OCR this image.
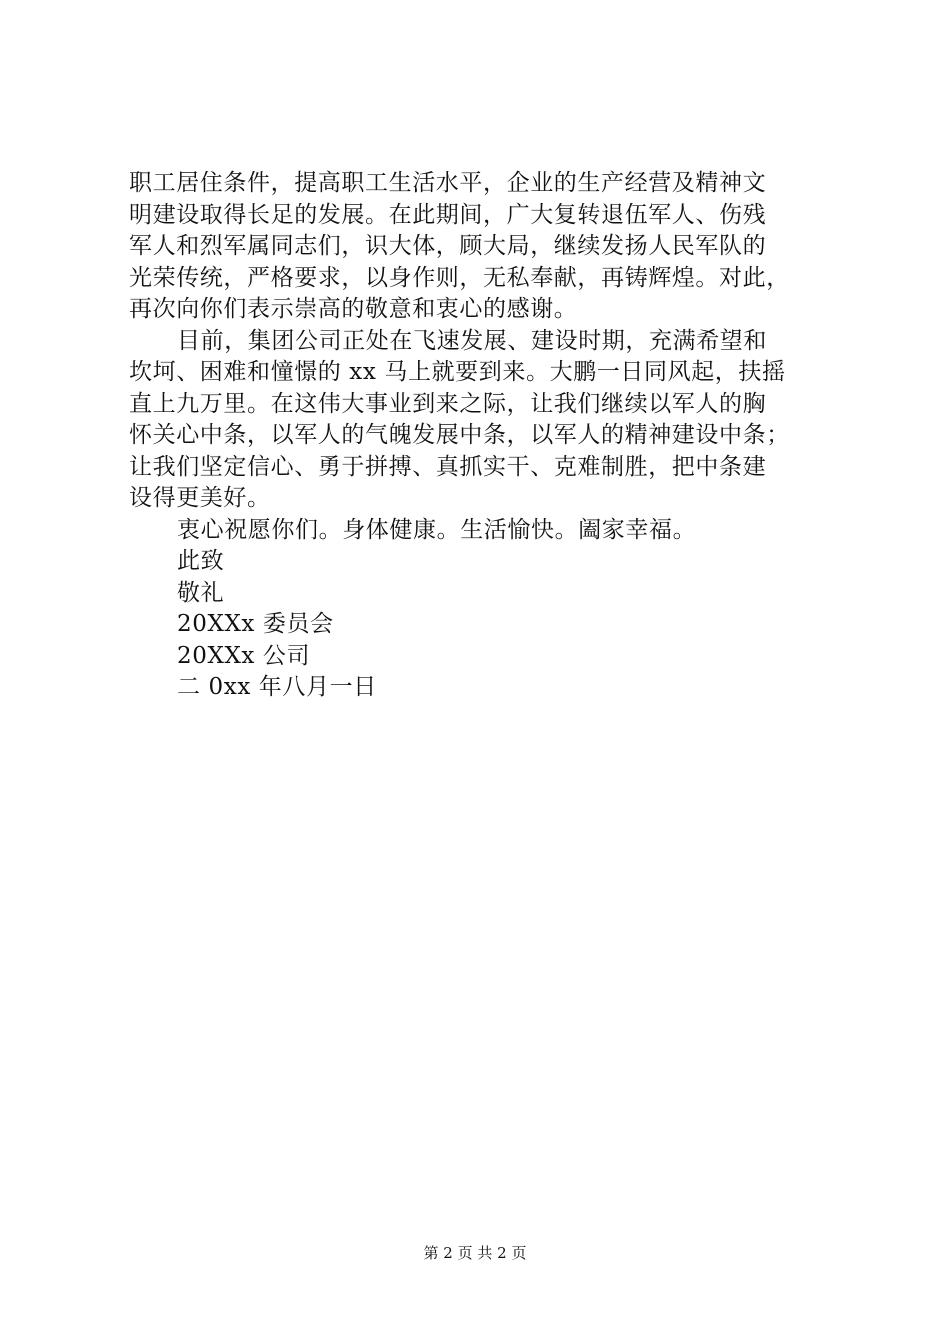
职工居住条件，提高职工生活水平，企业的生产经营及精神文
明建设取得长足的发展。在此期间，广大复转退伍军人、伤残
军人和烈军属同志们，识大体，顾大局，继续发扬人民军队的
光荣传统，严格要求，以身作则，无私奉献，再铸辉煌。对此，
再次向你们表示崇高的敬意和衷心的感谢。
目前，集团公司正处在飞速发展、建设时期，充满希望和
坎坷、困难和憧憬的 xx 马上就要到来。大鹏一日同风起，扶摇
直上九万里。在这伟大事业到来之际，让我们继续以军人的胸
怀关心中条，以军人的气魄发展中条，以军人的精神建设中条；
让我们坚定信心、勇于拼搏、真抓实干、克难制胜，把中条建
设得更美好。
衷心祝愿你们。身体健康。生活愉快。阖家幸福。
此致
敬礼
20XXx 委员会
20XXx 公司
二 0xx 年八月一日
第 2 页 共 2 页
